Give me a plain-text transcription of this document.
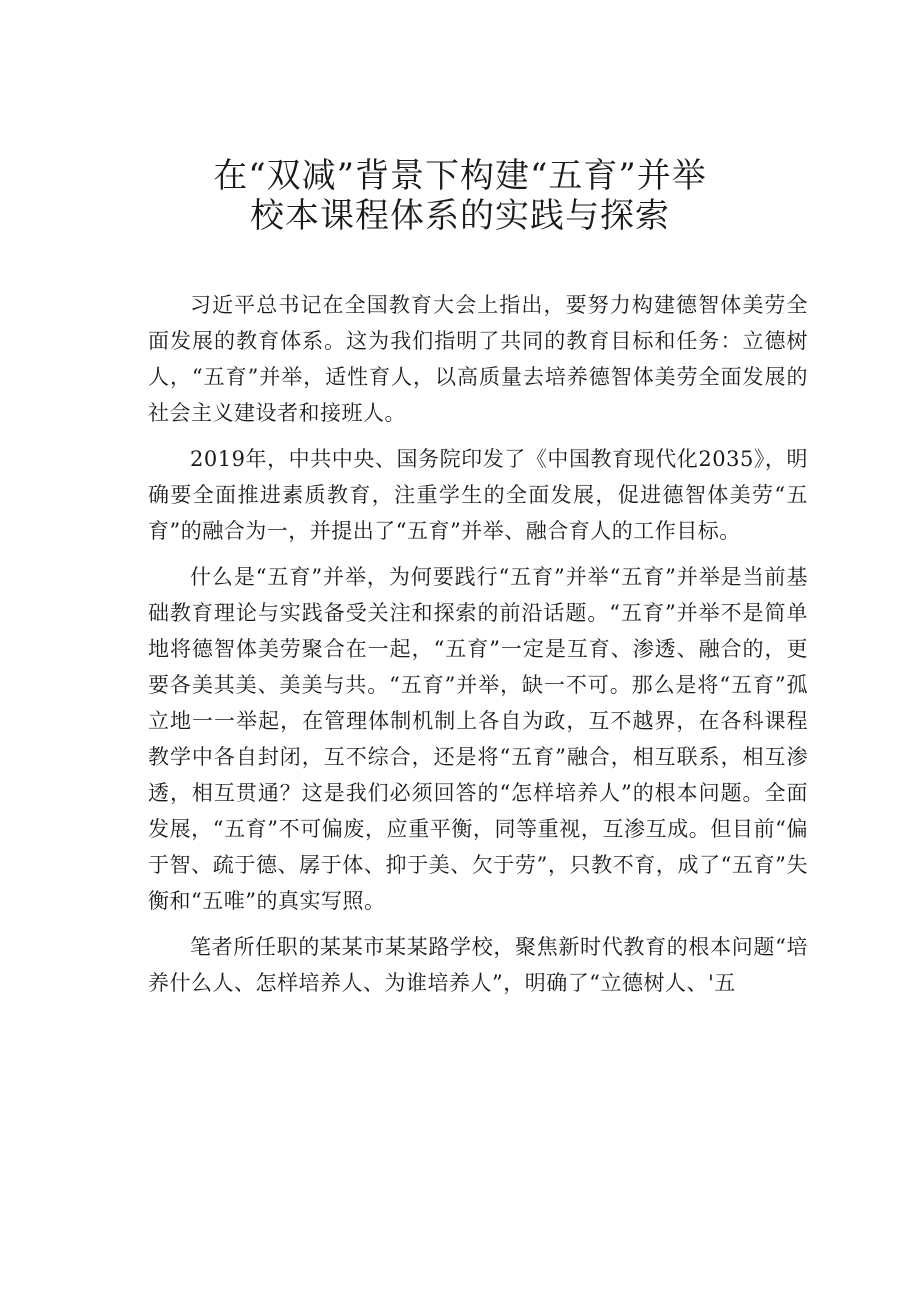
在“双减”背景下构建“五育”并举
校本课程体系的实践与探索

习近平总书记在全国教育大会上指出，要努力构建德智体美劳全面发展的教育体系。这为我们指明了共同的教育目标和任务：立德树人，“五育”并举，适性育人，以高质量去培养德智体美劳全面发展的社会主义建设者和接班人。

2019年，中共中央、国务院印发了《中国教育现代化2035》，明确要全面推进素质教育，注重学生的全面发展，促进德智体美劳“五育”的融合为一，并提出了“五育”并举、融合育人的工作目标。

什么是“五育”并举，为何要践行“五育”并举“五育”并举是当前基础教育理论与实践备受关注和探索的前沿话题。“五育”并举不是简单地将德智体美劳聚合在一起，“五育”一定是互育、渗透、融合的，更要各美其美、美美与共。“五育”并举，缺一不可。那么是将“五育”孤立地一一举起，在管理体制机制上各自为政，互不越界，在各科课程教学中各自封闭，互不综合，还是将“五育”融合，相互联系，相互渗透，相互贯通？这是我们必须回答的“怎样培养人”的根本问题。全面发展，“五育”不可偏废，应重平衡，同等重视，互渗互成。但目前“偏于智、疏于德、孱于体、抑于美、欠于劳”，只教不育，成了“五育”失衡和“五唯”的真实写照。

笔者所任职的某某市某某路学校，聚焦新时代教育的根本问题“培养什么人、怎样培养人、为谁培养人”，明确了“立德树人、'五
